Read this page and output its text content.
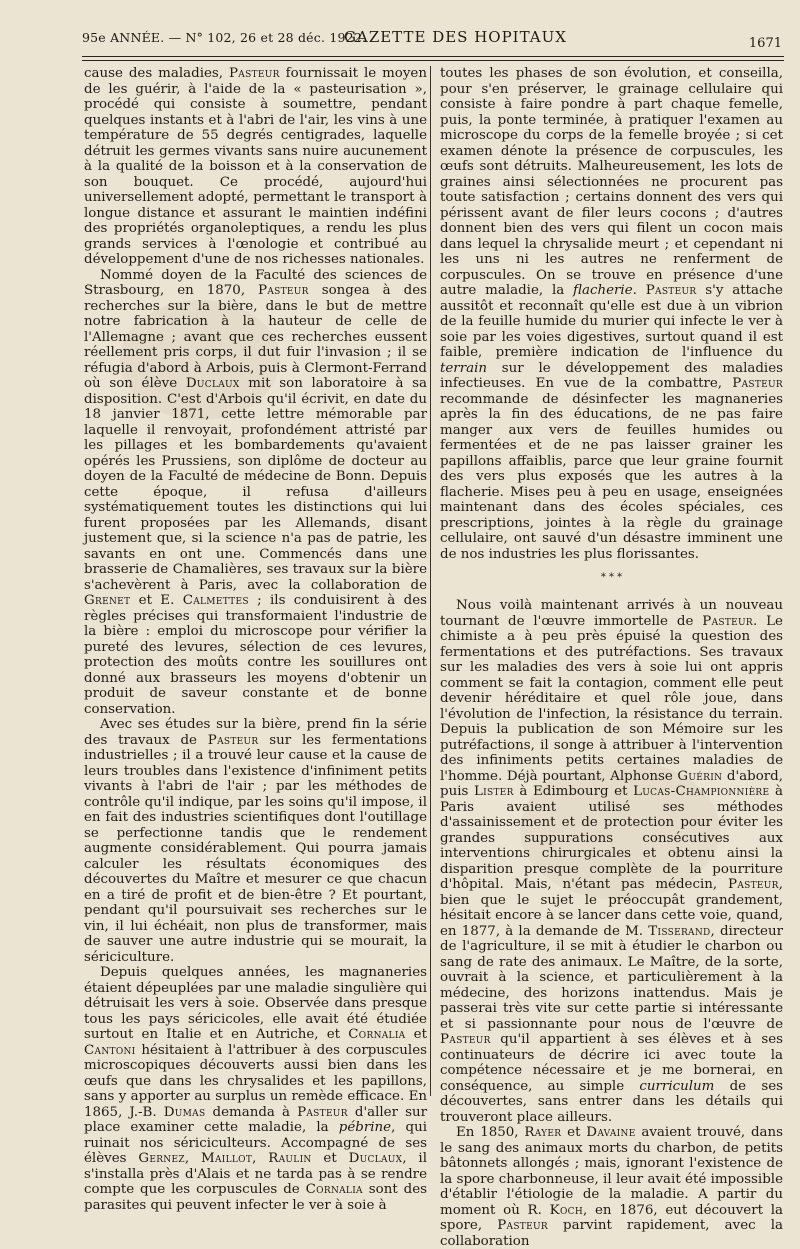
95e ANNÉE. — N° 102, 26 et 28 déc. 1922.
GAZETTE DES HOPITAUX	1671

cause des maladies, Pasteur fournissait le moyen de les guérir, à l'aide de la « pasteurisation », procédé qui consiste à soumettre, pendant quelques instants et à l'abri de l'air, les vins à une température de 55 degrés centigrades, laquelle détruit les germes vivants sans nuire aucunement à la qualité de la boisson et à la conservation de son bouquet. Ce procédé, aujourd'hui universellement adopté, permettant le transport à longue distance et assurant le maintien indéfini des propriétés organoleptiques, a rendu les plus grands services à l'œnologie et contribué au développement d'une de nos richesses nationales.

Nommé doyen de la Faculté des sciences de Strasbourg, en 1870, Pasteur songea à des recherches sur la bière, dans le but de mettre notre fabrication à la hauteur de celle de l'Allemagne ; avant que ces recherches eussent réellement pris corps, il dut fuir l'invasion ; il se réfugia d'abord à Arbois, puis à Clermont-Ferrand où son élève Duclaux mit son laboratoire à sa disposition. C'est d'Arbois qu'il écrivit, en date du 18 janvier 1871, cette lettre mémorable par laquelle il renvoyait, profondément attristé par les pillages et les bombardements qu'avaient opérés les Prussiens, son diplôme de docteur au doyen de la Faculté de médecine de Bonn. Depuis cette époque, il refusa d'ailleurs systématiquement toutes les distinctions qui lui furent proposées par les Allemands, disant justement que, si la science n'a pas de patrie, les savants en ont une. Commencés dans une brasserie de Chamalières, ses travaux sur la bière s'achevèrent à Paris, avec la collaboration de Grenet et E. Calmettes ; ils conduisirent à des règles précises qui transformaient l'industrie de la bière : emploi du microscope pour vérifier la pureté des levures, sélection de ces levures, protection des moûts contre les souillures ont donné aux brasseurs les moyens d'obtenir un produit de saveur constante et de bonne conservation.

Avec ses études sur la bière, prend fin la série des travaux de Pasteur sur les fermentations industrielles ; il a trouvé leur cause et la cause de leurs troubles dans l'existence d'infiniment petits vivants à l'abri de l'air ; par les méthodes de contrôle qu'il indique, par les soins qu'il impose, il en fait des industries scientifiques dont l'outillage se perfectionne tandis que le rendement augmente considérablement. Qui pourra jamais calculer les résultats économiques des découvertes du Maître et mesurer ce que chacun en a tiré de profit et de bien-être ? Et pourtant, pendant qu'il poursuivait ses recherches sur le vin, il lui échéait, non plus de transformer, mais de sauver une autre industrie qui se mourait, la sériciculture.

Depuis quelques années, les magnaneries étaient dépeuplées par une maladie singulière qui détruisait les vers à soie. Observée dans presque tous les pays séricicoles, elle avait été étudiée surtout en Italie et en Autriche, et Cornalia et Cantoni hésitaient à l'attribuer à des corpuscules microscopiques découverts aussi bien dans les œufs que dans les chrysalides et les papillons, sans y apporter au surplus un remède efficace. En 1865, J.-B. Dumas demanda à Pasteur d'aller sur place examiner cette maladie, la pébrine, qui ruinait nos sériciculteurs. Accompagné de ses élèves Gernez, Maillot, Raulin et Duclaux, il s'installa près d'Alais et ne tarda pas à se rendre compte que les corpuscules de Cornalia sont des parasites qui peuvent infecter le ver à soie à

toutes les phases de son évolution, et conseilla, pour s'en préserver, le grainage cellulaire qui consiste à faire pondre à part chaque femelle, puis, la ponte terminée, à pratiquer l'examen au microscope du corps de la femelle broyée ; si cet examen dénote la présence de corpuscules, les œufs sont détruits. Malheureusement, les lots de graines ainsi sélectionnées ne procurent pas toute satisfaction ; certains donnent des vers qui périssent avant de filer leurs cocons ; d'autres donnent bien des vers qui filent un cocon mais dans lequel la chrysalide meurt ; et cependant ni les uns ni les autres ne renferment de corpuscules. On se trouve en présence d'une autre maladie, la flacherie. Pasteur s'y attache aussitôt et reconnaît qu'elle est due à un vibrion de la feuille humide du murier qui infecte le ver à soie par les voies digestives, surtout quand il est faible, première indication de l'influence du terrain sur le développement des maladies infectieuses. En vue de la combattre, Pasteur recommande de désinfecter les magnaneries après la fin des éducations, de ne pas faire manger aux vers de feuilles humides ou fermentées et de ne pas laisser grainer les papillons affaiblis, parce que leur graine fournit des vers plus exposés que les autres à la flacherie. Mises peu à peu en usage, enseignées maintenant dans des écoles spéciales, ces prescriptions, jointes à la règle du grainage cellulaire, ont sauvé d'un désastre imminent une de nos industries les plus florissantes.

* * *

Nous voilà maintenant arrivés à un nouveau tournant de l'œuvre immortelle de Pasteur. Le chimiste a à peu près épuisé la question des fermentations et des putréfactions. Ses travaux sur les maladies des vers à soie lui ont appris comment se fait la contagion, comment elle peut devenir héréditaire et quel rôle joue, dans l'évolution de l'infection, la résistance du terrain. Depuis la publication de son Mémoire sur les putréfactions, il songe à attribuer à l'intervention des infiniments petits certaines maladies de l'homme. Déjà pourtant, Alphonse Guérin d'abord, puis Lister à Edimbourg et Lucas-Championnière à Paris avaient utilisé ses méthodes d'assainissement et de protection pour éviter les grandes suppurations consécutives aux interventions chirurgicales et obtenu ainsi la disparition presque complète de la pourriture d'hôpital. Mais, n'étant pas médecin, Pasteur, bien que le sujet le préoccupât grandement, hésitait encore à se lancer dans cette voie, quand, en 1877, à la demande de M. Tisserand, directeur de l'agriculture, il se mit à étudier le charbon ou sang de rate des animaux. Le Maître, de la sorte, ouvrait à la science, et particulièrement à la médecine, des horizons inattendus. Mais je passerai très vite sur cette partie si intéressante et si passionnante pour nous de l'œuvre de Pasteur qu'il appartient à ses élèves et à ses continuateurs de décrire ici avec toute la compétence nécessaire et je me bornerai, en conséquence, au simple curriculum de ses découvertes, sans entrer dans les détails qui trouveront place ailleurs.

En 1850, Rayer et Davaine avaient trouvé, dans le sang des animaux morts du charbon, de petits bâtonnets allongés ; mais, ignorant l'existence de la spore charbonneuse, il leur avait été impossible d'établir l'étiologie de la maladie. A partir du moment où R. Koch, en 1876, eut découvert la spore, Pasteur parvint rapidement, avec la collaboration
